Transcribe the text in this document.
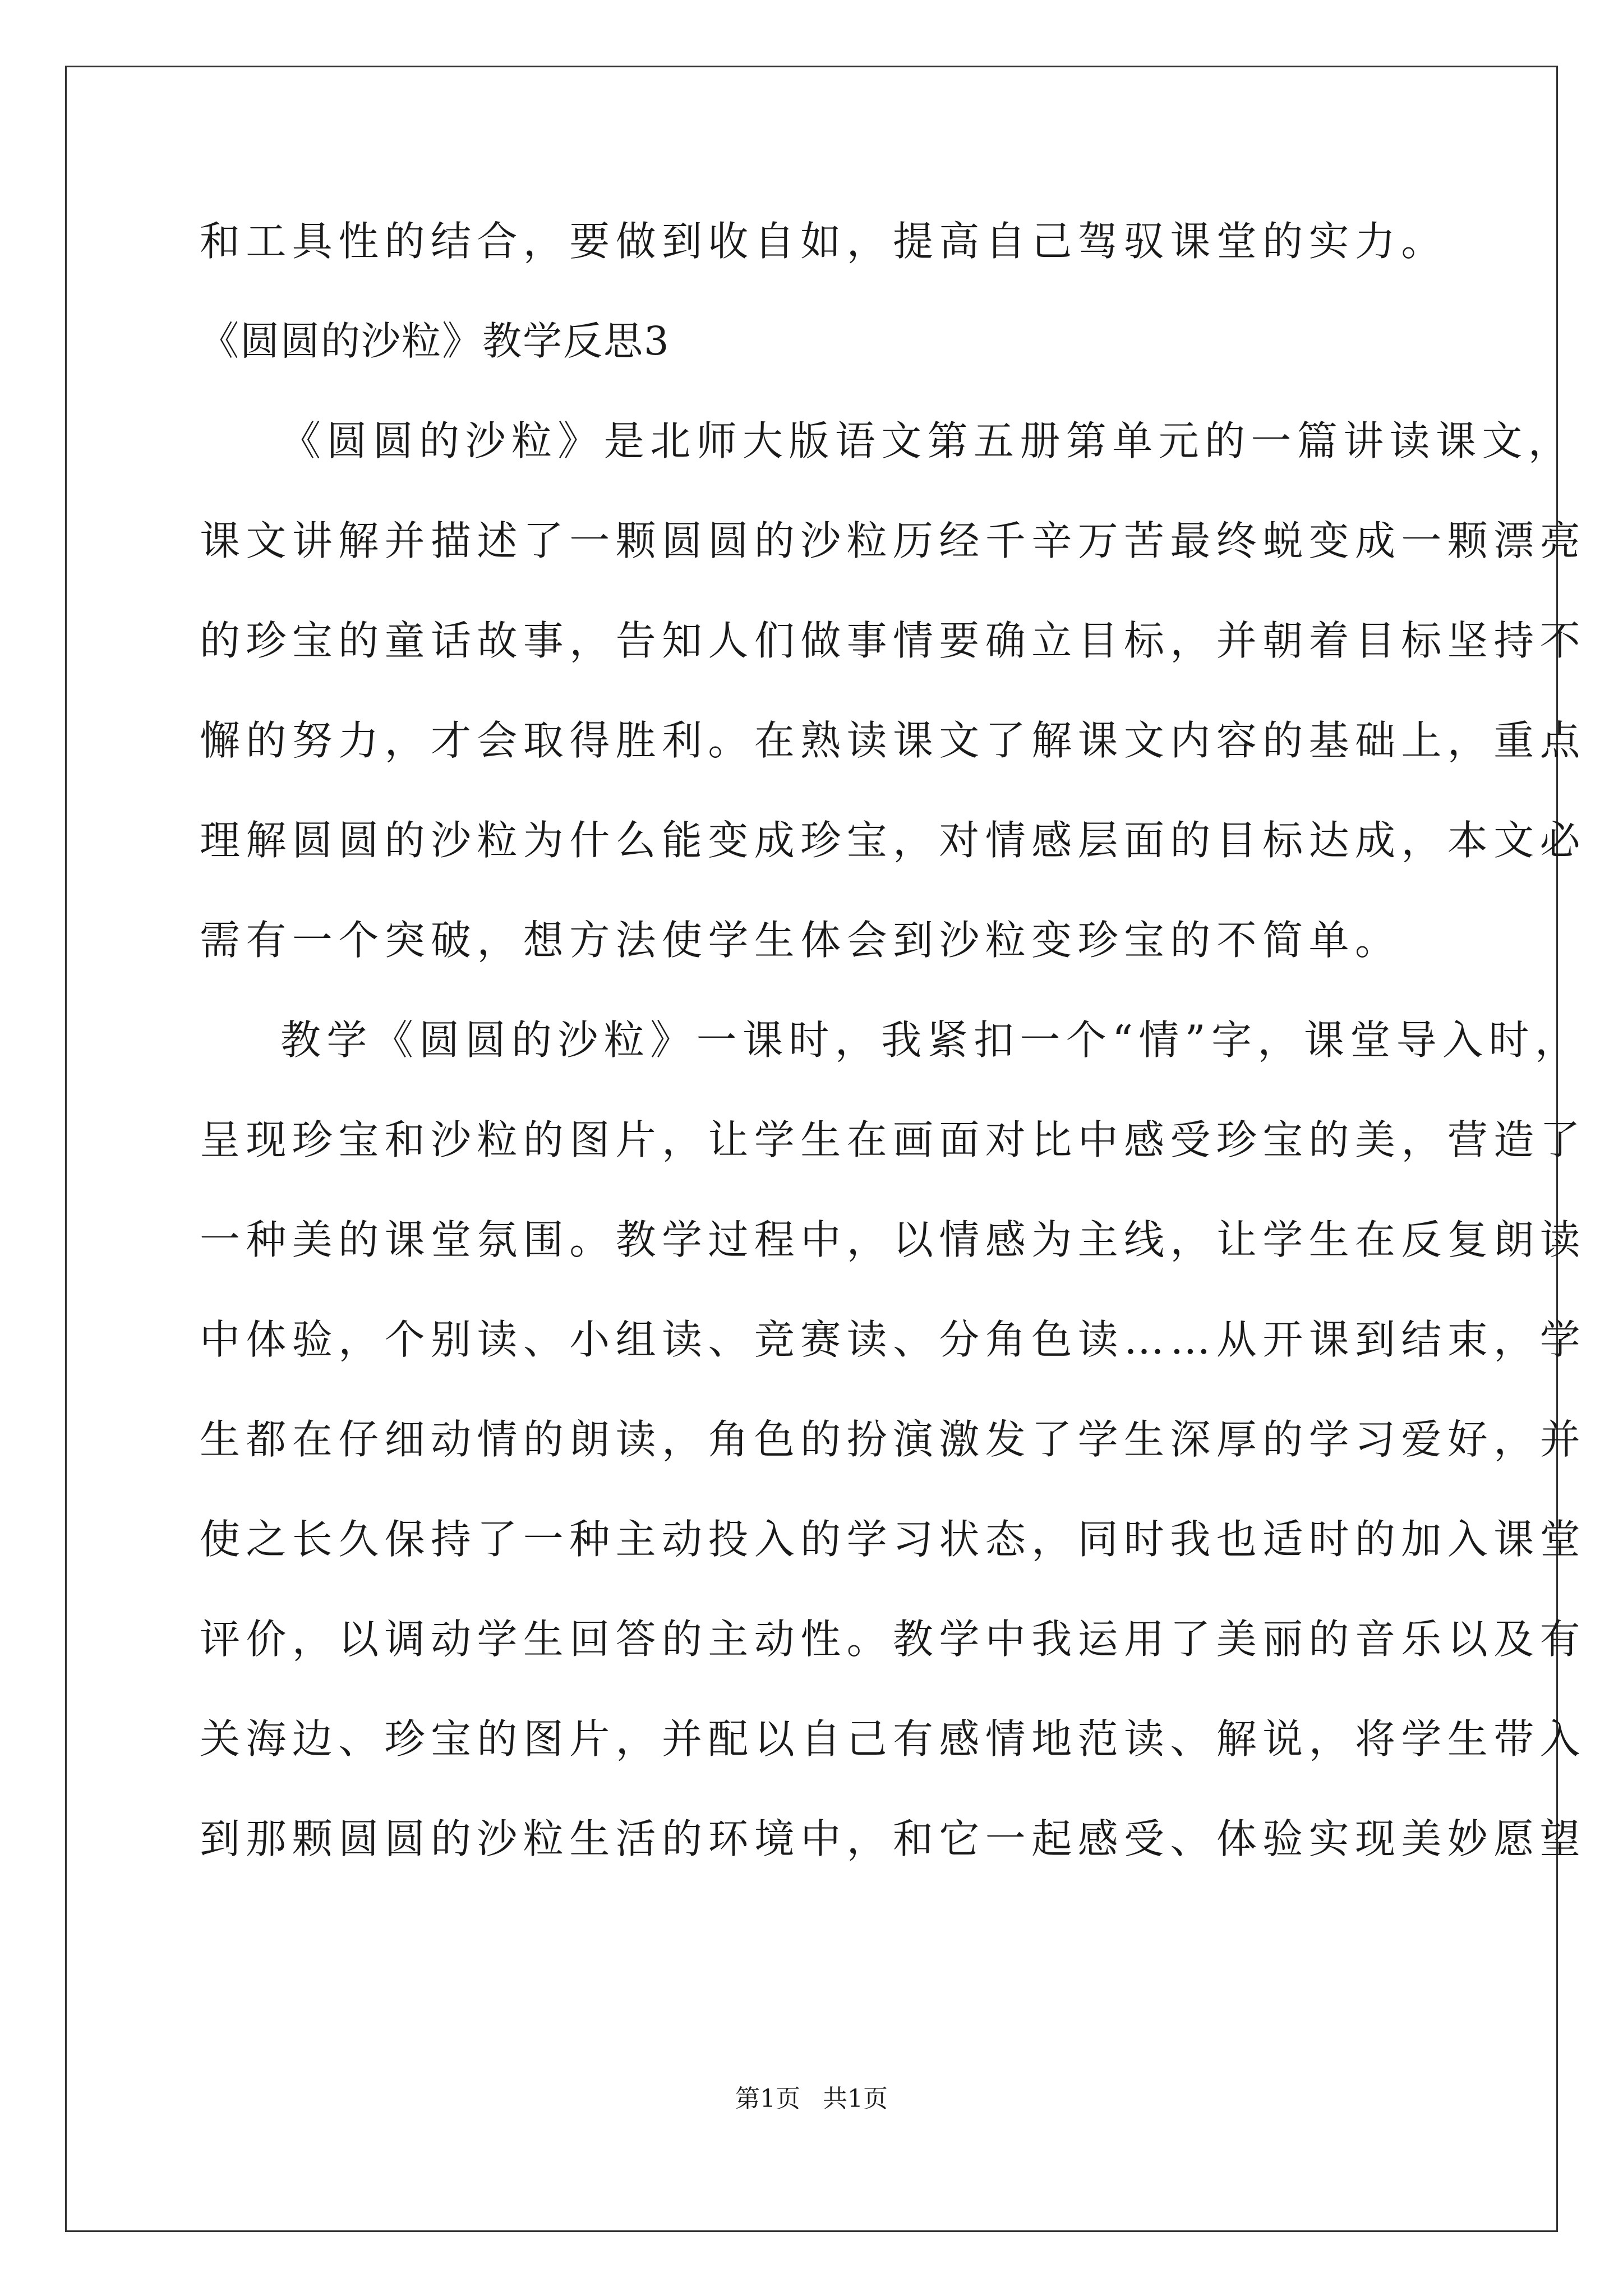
和工具性的结合，要做到收自如，提高自己驾驭课堂的实力。
《圆圆的沙粒》教学反思3
《圆圆的沙粒》是北师大版语文第五册第单元的一篇讲读课文，
课文讲解并描述了一颗圆圆的沙粒历经千辛万苦最终蜕变成一颗漂亮
的珍宝的童话故事，告知人们做事情要确立目标，并朝着目标坚持不
懈的努力，才会取得胜利。在熟读课文了解课文内容的基础上，重点
理解圆圆的沙粒为什么能变成珍宝，对情感层面的目标达成，本文必
需有一个突破，想方法使学生体会到沙粒变珍宝的不简单。
教学《圆圆的沙粒》一课时，我紧扣一个“情”字，课堂导入时，
呈现珍宝和沙粒的图片，让学生在画面对比中感受珍宝的美，营造了
一种美的课堂氛围。教学过程中，以情感为主线，让学生在反复朗读
中体验，个别读、小组读、竞赛读、分角色读……从开课到结束，学
生都在仔细动情的朗读，角色的扮演激发了学生深厚的学习爱好，并
使之长久保持了一种主动投入的学习状态，同时我也适时的加入课堂
评价，以调动学生回答的主动性。教学中我运用了美丽的音乐以及有
关海边、珍宝的图片，并配以自己有感情地范读、解说，将学生带入
到那颗圆圆的沙粒生活的环境中，和它一起感受、体验实现美妙愿望
第1页 共1页
